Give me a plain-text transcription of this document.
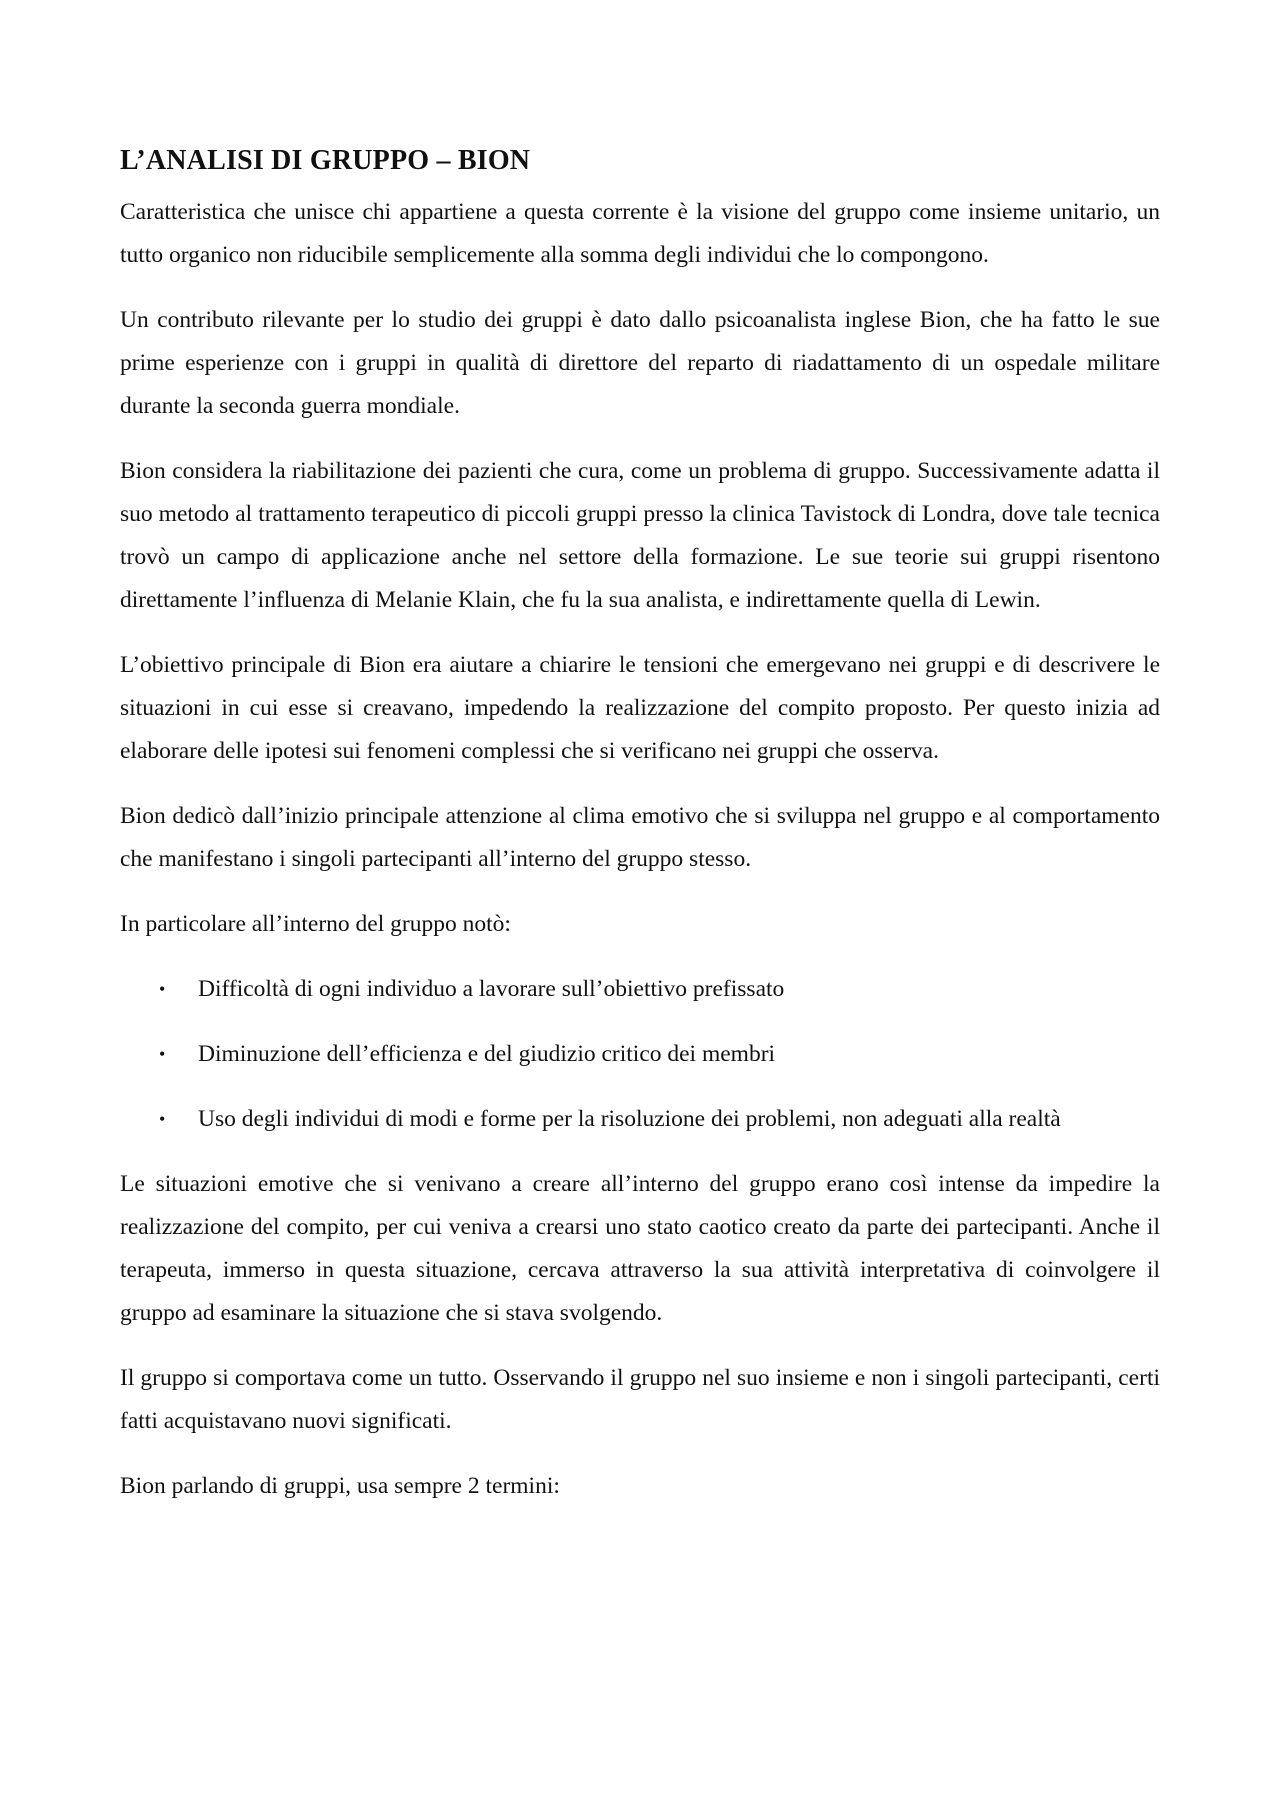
L’ANALISI DI GRUPPO – BION

Caratteristica che unisce chi appartiene a questa corrente è la visione del gruppo come insieme unitario, un tutto organico non riducibile semplicemente alla somma degli individui che lo compongono.

Un contributo rilevante per lo studio dei gruppi è dato dallo psicoanalista inglese Bion, che ha fatto le sue prime esperienze con i gruppi in qualità di direttore del reparto di riadattamento di un ospedale militare durante la seconda guerra mondiale.

Bion considera la riabilitazione dei pazienti che cura, come un problema di gruppo. Successivamente adatta il suo metodo al trattamento terapeutico di piccoli gruppi presso la clinica Tavistock di Londra, dove tale tecnica trovò un campo di applicazione anche nel settore della formazione. Le sue teorie sui gruppi risentono direttamente l’influenza di Melanie Klain, che fu la sua analista, e indirettamente quella di Lewin.

L’obiettivo principale di Bion era aiutare a chiarire le tensioni che emergevano nei gruppi e di descrivere le situazioni in cui esse si creavano, impedendo la realizzazione del compito proposto. Per questo inizia ad elaborare delle ipotesi sui fenomeni complessi che si verificano nei gruppi che osserva.

Bion dedicò dall’inizio principale attenzione al clima emotivo che si sviluppa nel gruppo e al comportamento che manifestano i singoli partecipanti all’interno del gruppo stesso.

In particolare all’interno del gruppo notò:

• Difficoltà di ogni individuo a lavorare sull’obiettivo prefissato
• Diminuzione dell’efficienza e del giudizio critico dei membri
• Uso degli individui di modi e forme per la risoluzione dei problemi, non adeguati alla realtà

Le situazioni emotive che si venivano a creare all’interno del gruppo erano così intense da impedire la realizzazione del compito, per cui veniva a crearsi uno stato caotico creato da parte dei partecipanti. Anche il terapeuta, immerso in questa situazione, cercava attraverso la sua attività interpretativa di coinvolgere il gruppo ad esaminare la situazione che si stava svolgendo.

Il gruppo si comportava come un tutto. Osservando il gruppo nel suo insieme e non i singoli partecipanti, certi fatti acquistavano nuovi significati.

Bion parlando di gruppi, usa sempre 2 termini:
